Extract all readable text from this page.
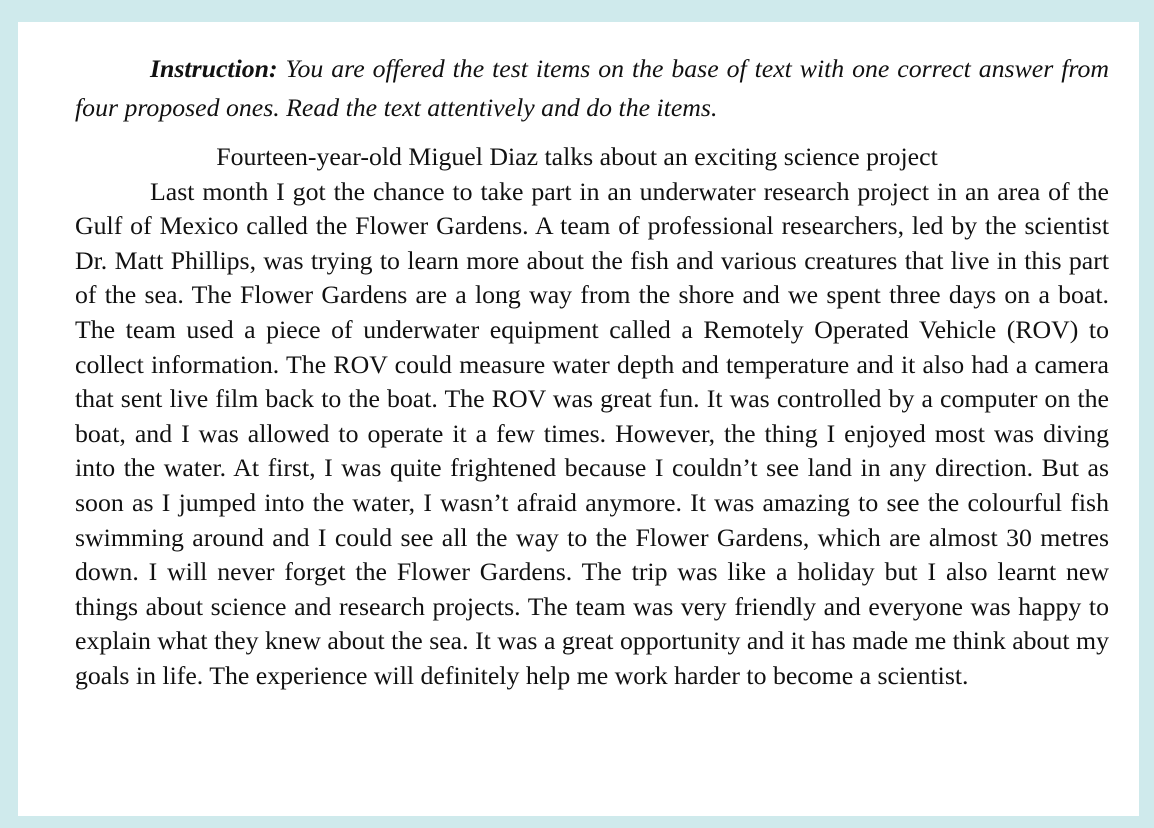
Instruction: You are offered the test items on the base of text with one correct answer from four proposed ones. Read the text attentively and do the items.

Fourteen-year-old Miguel Diaz talks about an exciting science project

Last month I got the chance to take part in an underwater research project in an area of the Gulf of Mexico called the Flower Gardens. A team of professional researchers, led by the scientist Dr. Matt Phillips, was trying to learn more about the fish and various creatures that live in this part of the sea. The Flower Gardens are a long way from the shore and we spent three days on a boat. The team used a piece of underwater equipment called a Remotely Operated Vehicle (ROV) to collect information. The ROV could measure water depth and temperature and it also had a camera that sent live film back to the boat. The ROV was great fun. It was controlled by a computer on the boat, and I was allowed to operate it a few times. However, the thing I enjoyed most was diving into the water. At first, I was quite frightened because I couldn’t see land in any direction. But as soon as I jumped into the water, I wasn’t afraid anymore. It was amazing to see the colourful fish swimming around and I could see all the way to the Flower Gardens, which are almost 30 metres down. I will never forget the Flower Gardens. The trip was like a holiday but I also learnt new things about science and research projects. The team was very friendly and everyone was happy to explain what they knew about the sea. It was a great opportunity and it has made me think about my goals in life. The experience will definitely help me work harder to become a scientist.
